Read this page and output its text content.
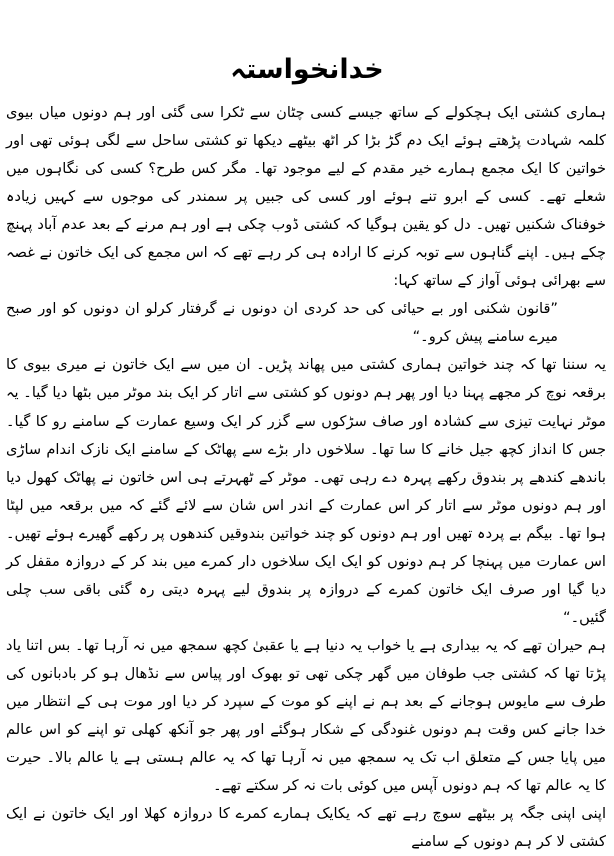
خدانخواستہ

ہماری کشتی ایک ہچکولے کے ساتھ جیسے کسی چٹان سے ٹکرا سی گئی اور ہم دونوں میاں بیوی کلمہ شہادت پڑھتے ہوئے ایک دم گڑ بڑا کر اٹھ بیٹھے دیکھا تو کشتی ساحل سے لگی ہوئی تھی اور خواتین کا ایک مجمع ہمارے خیر مقدم کے لیے موجود تھا۔ مگر کس طرح؟ کسی کی نگاہوں میں شعلے تھے۔ کسی کے ابرو تنے ہوئے اور کسی کی جبیں پر سمندر کی موجوں سے کہیں زیادہ خوفناک شکنیں تھیں۔ دل کو یقین ہوگیا کہ کشتی ڈوب چکی ہے اور ہم مرنے کے بعد عدم آباد پہنچ چکے ہیں۔ اپنے گناہوں سے توبہ کرنے کا ارادہ ہی کر رہے تھے کہ اس مجمع کی ایک خاتون نے غصہ سے بھرائی ہوئی آواز کے ساتھ کہا:

”قانون شکنی اور بے حیائی کی حد کردی ان دونوں نے گرفتار کرلو ان دونوں کو اور صبح میرے سامنے پیش کرو۔“

یہ سننا تھا کہ چند خواتین ہماری کشتی میں پھاند پڑیں۔ ان میں سے ایک خاتون نے میری بیوی کا برقعہ نوچ کر مجھے پہنا دیا اور پھر ہم دونوں کو کشتی سے اتار کر ایک بند موٹر میں بٹھا دیا گیا۔ یہ موٹر نہایت تیزی سے کشادہ اور صاف سڑکوں سے گزر کر ایک وسیع عمارت کے سامنے رو کا گیا۔ جس کا انداز کچھ جیل خانے کا سا تھا۔ سلاخوں دار بڑے سے پھاٹک کے سامنے ایک نازک اندام ساڑی باندھے کندھے پر بندوق رکھے پہرہ دے رہی تھی۔ موٹر کے ٹھہرتے ہی اس خاتون نے پھاٹک کھول دیا اور ہم دونوں موٹر سے اتار کر اس عمارت کے اندر اس شان سے لائے گئے کہ میں برقعہ میں لپٹا ہوا تھا۔ بیگم بے پردہ تھیں اور ہم دونوں کو چند خواتین بندوقیں کندھوں پر رکھے گھیرے ہوئے تھیں۔ اس عمارت میں پہنچا کر ہم دونوں کو ایک ایک سلاخوں دار کمرے میں بند کر کے دروازہ مقفل کر دیا گیا اور صرف ایک خاتون کمرے کے دروازہ پر بندوق لیے پہرہ دیتی رہ گئی باقی سب چلی گئیں۔“

ہم حیران تھے کہ یہ بیداری ہے یا خواب یہ دنیا ہے یا عقبیٰ کچھ سمجھ میں نہ آرہا تھا۔ بس اتنا یاد پڑتا تھا کہ کشتی جب طوفان میں گھر چکی تھی تو بھوک اور پیاس سے نڈھال ہو کر بادبانوں کی طرف سے مایوس ہوجانے کے بعد ہم نے اپنے کو موت کے سپرد کر دیا اور موت ہی کے انتظار میں خدا جانے کس وقت ہم دونوں غنودگی کے شکار ہوگئے اور پھر جو آنکھ کھلی تو اپنے کو اس عالم میں پایا جس کے متعلق اب تک یہ سمجھ میں نہ آرہا تھا کہ یہ عالم ہستی ہے یا عالم بالا۔ حیرت کا یہ عالم تھا کہ ہم دونوں آپس میں کوئی بات نہ کر سکتے تھے۔

اپنی اپنی جگہ پر بیٹھے سوچ رہے تھے کہ یکایک ہمارے کمرے کا دروازہ کھلا اور ایک خاتون نے ایک کشتی لا کر ہم دونوں کے سامنے
